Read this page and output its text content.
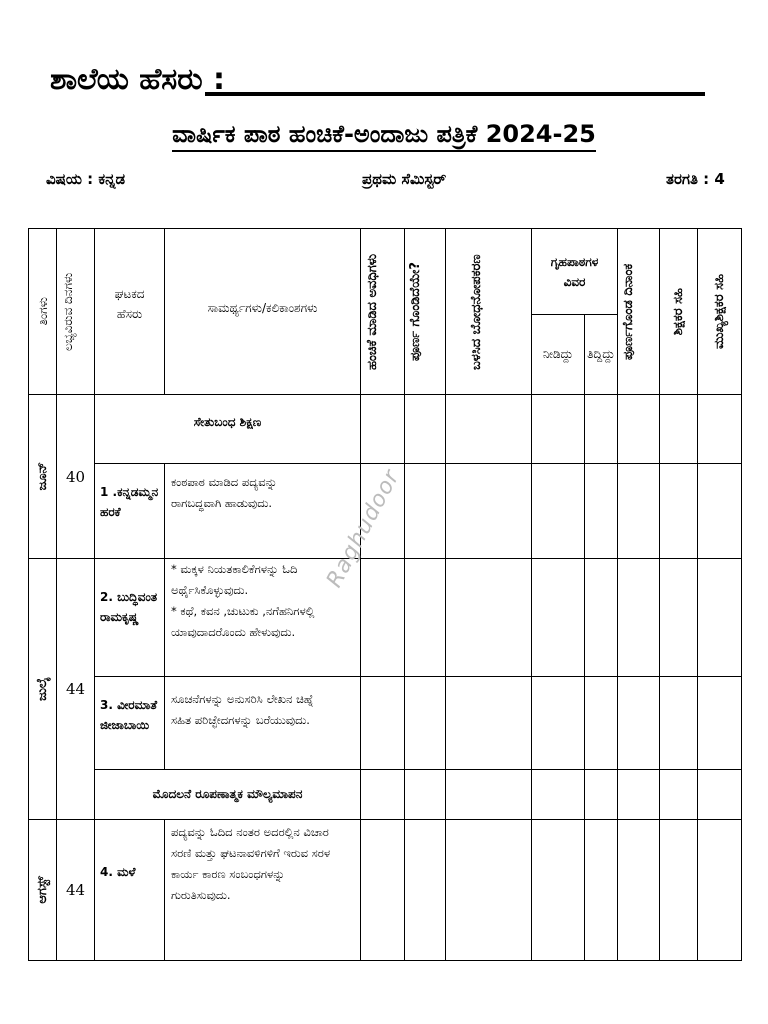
ಶಾಲೆಯ ಹೆಸರು :
ವಾರ್ಷಿಕ ಪಾಠ ಹಂಚಿಕೆ-ಅಂದಾಜು ಪತ್ರಿಕೆ 2024-25
ವಿಷಯ : ಕನ್ನಡ	ಪ್ರಥಮ ಸೆಮಿಸ್ಟರ್	ತರಗತಿ : 4
ತಿಂಗಳು	ಲಭ್ಯವಿರುವ ದಿನಗಳು	ಘಟಕದ ಹೆಸರು	ಸಾಮರ್ಥ್ಯಗಳು/ಕಲಿಕಾಂಶಗಳು	ಹಂಚಿಕೆ ಮಾಡಿದ ಅವಧಿಗಳು	ಪೂರ್ಣ ಗೊಂಡಿದೆಯೇ?	ಬಳಸಿದ ಬೋಧನೋಪಕರಣ	ಗೃಹಪಾಠಗಳ ವಿವರ		ಪೂರ್ಣಗೊಂಡ ದಿನಾಂಕ	ಶಿಕ್ಷಕರ ಸಹಿ	ಮುಖ್ಯಶಿಕ್ಷಕರ ಸಹಿ

							ನೀಡಿದ್ದು	ತಿದ್ದಿದ್ದು			

ಜೂನ್	40	ಸೇತುಬಂಧ ಶಿಕ್ಷಣ									
		1 .ಕನ್ನಡಮ್ಮನ ಹರಕೆ	ಕಂಠಪಾಠ ಮಾಡಿದ ಪದ್ಯವನ್ನು

ರಾಗಬದ್ಧವಾಗಿ ಹಾಡುವುದು.								

ಜುಲೈ	44	2. ಬುದ್ಧಿವಂತ ರಾಮಕೃಷ್ಣ	* ಮಕ್ಕಳ ನಿಯತಕಾಲಿಕೆಗಳನ್ನು ಓದಿ

ಅರ್ಥೈಸಿಕೊಳ್ಳುವುದು.

* ಕಥೆ, ಕವನ ,ಚುಟುಕು ,ನಗೆಹನಿಗಳಲ್ಲಿ

ಯಾವುದಾದರೊಂದು ಹೇಳುವುದು.								

		3. ವೀರಮಾತೆ ಜೀಜಾಬಾಯಿ	ಸೂಚನೆಗಳನ್ನು ಅನುಸರಿಸಿ ಲೇಖನ ಚಿಹ್ನೆ

ಸಹಿತ ಪರಿಚ್ಛೇದಗಳನ್ನು ಬರೆಯುವುದು.								

		ಮೊದಲನೆ ರೂಪಣಾತ್ಮಕ ಮೌಲ್ಯಮಾಪನ									

ಆಗಸ್ಟ್	44	4. ಮಳೆ	ಪದ್ಯವನ್ನು ಓದಿದ ನಂತರ ಅದರಲ್ಲಿನ ವಿಚಾರ

ಸರಣಿ ಮತ್ತು ಘಟನಾವಳಿಗಳಿಗೆ ಇರುವ ಸರಳ

ಕಾರ್ಯ ಕಾರಣ ಸಂಬಂಧಗಳನ್ನು

ಗುರುತಿಸುವುದು.								

Raghudoor
